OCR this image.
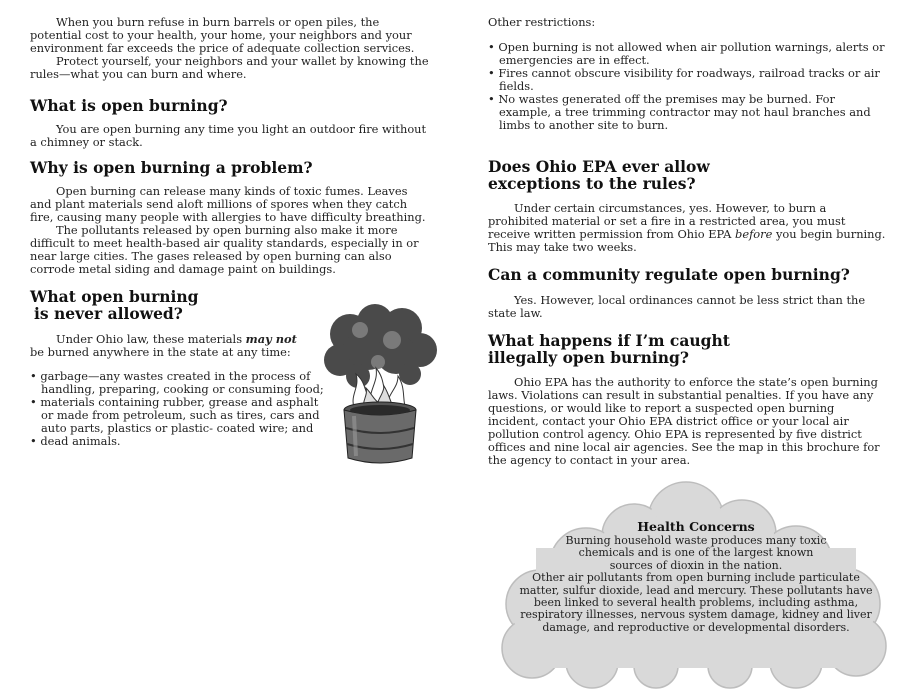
When you burn refuse in burn barrels or open piles, the potential cost to your health, your home, your neighbors and your environment far exceeds the price of adequate collection services.

Protect yourself, your neighbors and your wallet by knowing the rules—what you can burn and where.

What is open burning?

You are open burning any time you light an outdoor fire without a chimney or stack.

Why is open burning a problem?

Open burning can release many kinds of toxic fumes. Leaves and plant materials send aloft millions of spores when they catch fire, causing many people with allergies to have difficulty breathing.

The pollutants released by open burning also make it more difficult to meet health-based air quality standards, especially in or near large cities. The gases released by open burning can also corrode metal siding and damage paint on buildings.

What open burning
is never allowed?

Under Ohio law, these materials may not be burned anywhere in the state at any time:

• garbage—any wastes created in the process of handling, preparing, cooking or consuming food;
• materials containing rubber, grease and asphalt or made from petroleum, such as tires, cars and auto parts, plastics or plastic- coated wire; and
• dead animals.

Other restrictions:

• Open burning is not allowed when air pollution warnings, alerts or emergencies are in effect.
• Fires cannot obscure visibility for roadways, railroad tracks or air fields.
• No wastes generated off the premises may be burned. For example, a tree trimming contractor may not haul branches and limbs to another site to burn.
Does Ohio EPA ever allow
exceptions to the rules?

Under certain circumstances, yes. However, to burn a prohibited material or set a fire in a restricted area, you must receive written permission from Ohio EPA before you begin burning. This may take two weeks.

Can a community regulate open burning?

Yes. However, local ordinances cannot be less strict than the state law.

What happens if I’m caught
illegally open burning?

Ohio EPA has the authority to enforce the state’s open burning laws. Violations can result in substantial penalties. If you have any questions, or would like to report a suspected open burning incident, contact your Ohio EPA district office or your local air pollution control agency. Ohio EPA is represented by five district offices and nine local air agencies. See the map in this brochure for the agency to contact in your area.

Health Concerns

Burning household waste produces many toxic chemicals and is one of the largest known sources of dioxin in the nation.

Other air pollutants from open burning include particulate matter, sulfur dioxide, lead and mercury. These pollutants have been linked to several health problems, including asthma, respiratory illnesses, nervous system damage, kidney and liver damage, and reproductive or developmental disorders.
